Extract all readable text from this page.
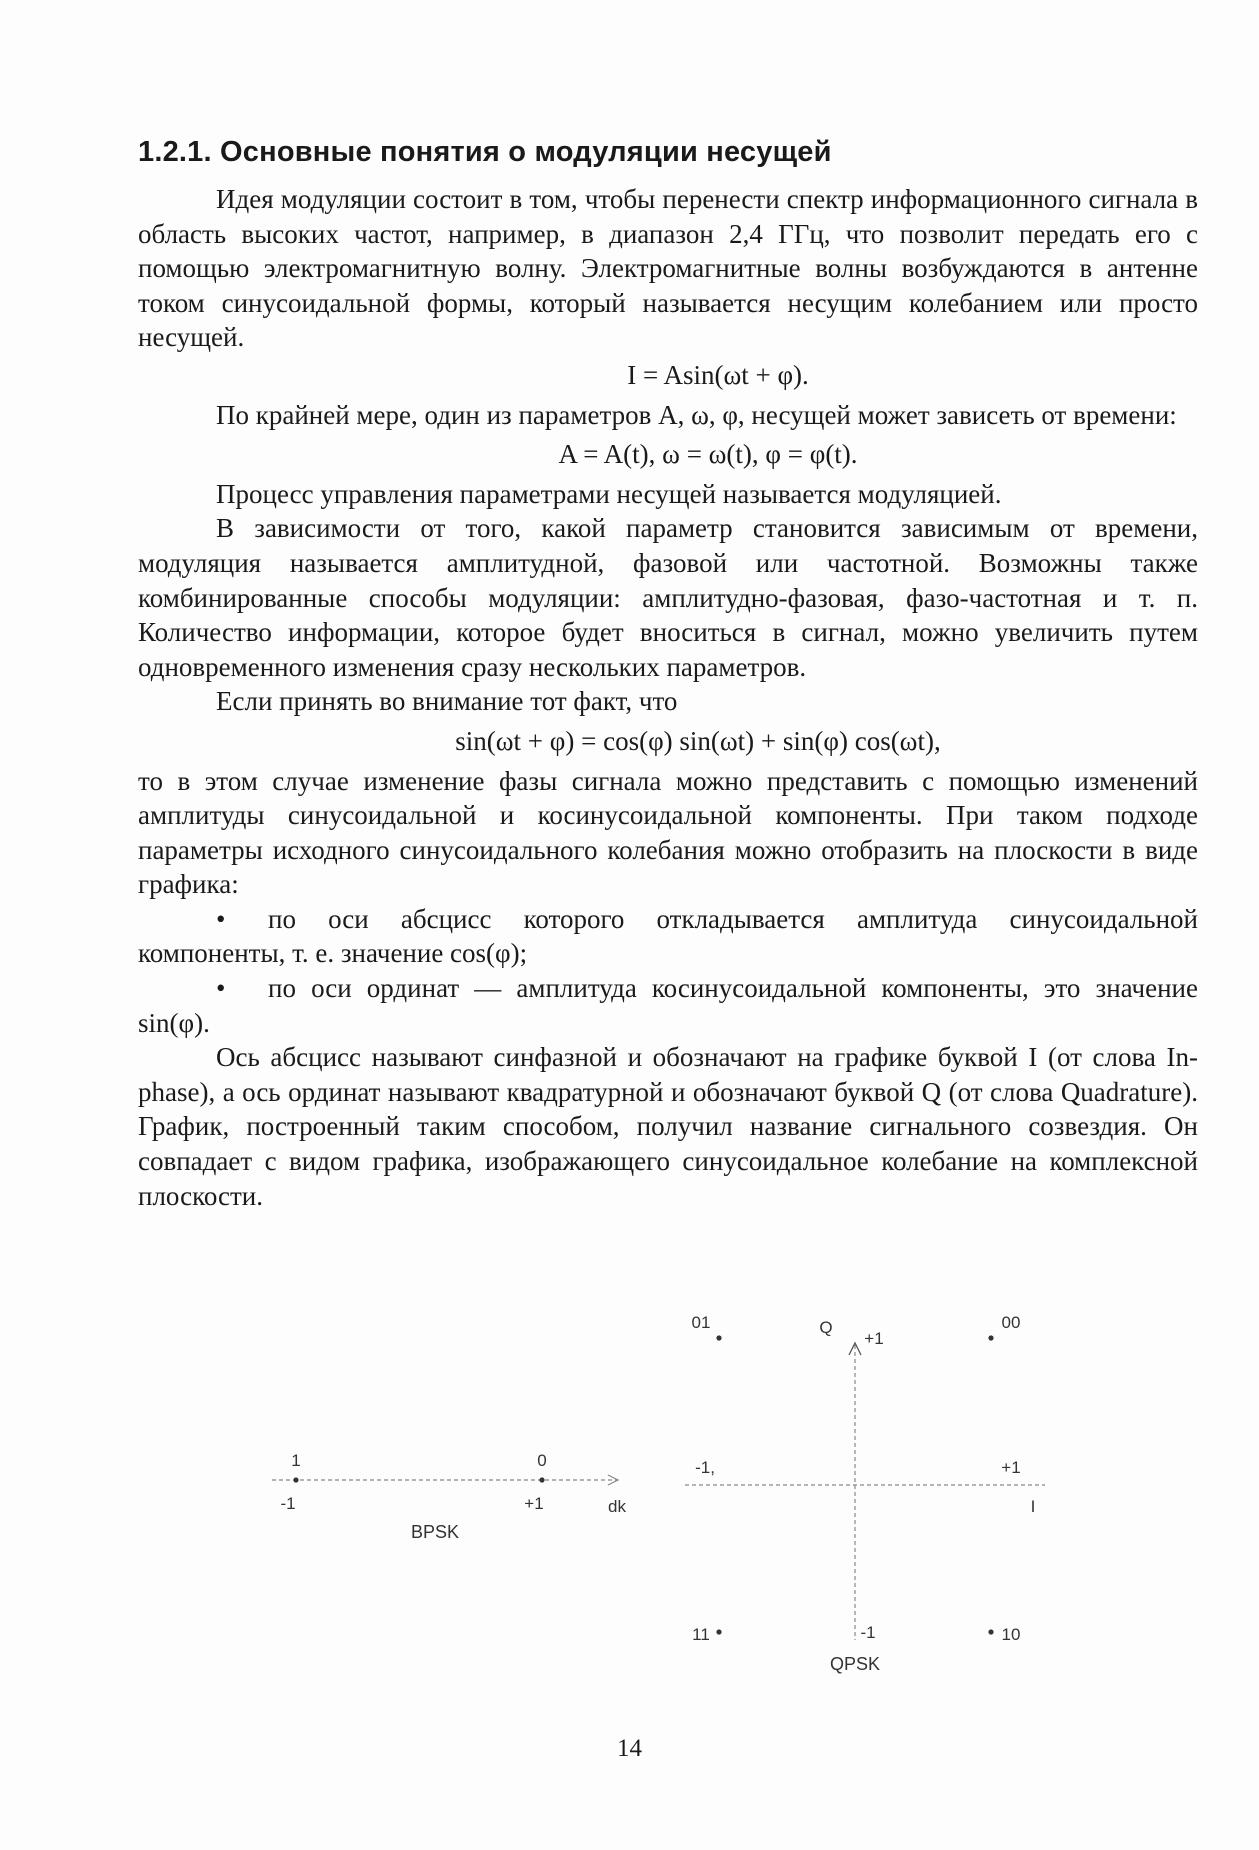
1.2.1. Основные понятия о модуляции несущей

Идея модуляции состоит в том, чтобы перенести спектр информационного сигнала в область высоких частот, например, в диапазон 2,4 ГГц, что позволит передать его с помощью электромагнитную волну. Электромагнитные волны возбуждаются в антенне током синусоидальной формы, который называется несущим колебанием или просто несущей.

I = Asin(ωt + φ).

По крайней мере, один из параметров A, ω, φ, несущей может зависеть от времени:

A = A(t), ω = ω(t), φ = φ(t).

Процесс управления параметрами несущей называется модуляцией.

В зависимости от того, какой параметр становится зависимым от времени, модуляция называется амплитудной, фазовой или частотной. Возможны также комбинированные способы модуляции: амплитудно-фазовая, фазо-частотная и т. п. Количество информации, которое будет вноситься в сигнал, можно увеличить путем одновременного изменения сразу нескольких параметров.

Если принять во внимание тот факт, что

sin(ωt + φ) = cos(φ) sin(ωt) + sin(φ) cos(ωt),

то в этом случае изменение фазы сигнала можно представить с помощью изменений амплитуды синусоидальной и косинусоидальной компоненты. При таком подходе параметры исходного синусоидального колебания можно отобразить на плоскости в виде графика:

• по оси абсцисс которого откладывается амплитуда синусоидальной компоненты, т. е. значение cos(φ);

• по оси ординат — амплитуда косинусоидальной компоненты, это значение sin(φ).

Ось абсцисс называют синфазной и обозначают на графике буквой I (от слова In-phase), а ось ординат называют квадратурной и обозначают буквой Q (от слова Quadrature). График, построенный таким способом, получил название сигнального созвездия. Он совпадает с видом графика, изображающего синусоидальное колебание на комплексной плоскости.

1	0
-1	+1	dk
BPSK
01	00
11	10
Q
I
+1
-1
-1,	+1
QPSK
14
